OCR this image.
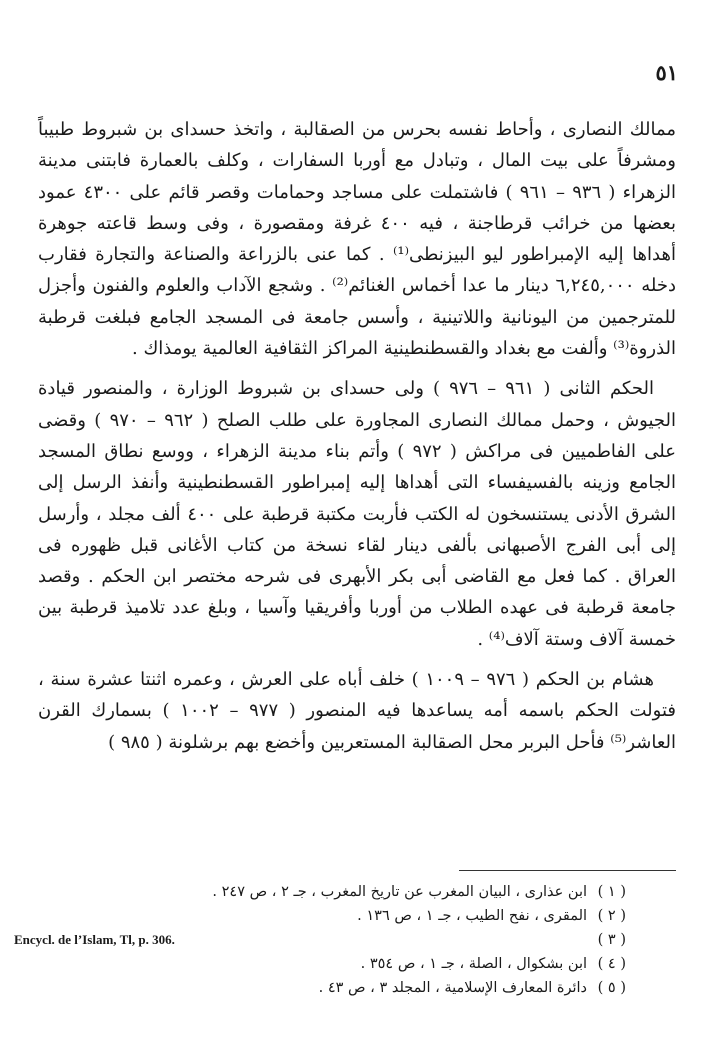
٥١

ممالك النصارى ، وأحاط نفسه بحرس من الصقالبة ، واتخذ حسداى بن شبروط طبيباً ومشرفاً على بيت المال ، وتبادل مع أوربا السفارات ، وكلف بالعمارة فابتنى مدينة الزهراء ( ٩٣٦ – ٩٦١ ) فاشتملت على مساجد وحمامات وقصر قائم على ٤٣٠٠ عمود بعضها من خرائب قرطاجنة ، فيه ٤٠٠ غرفة ومقصورة ، وفى وسط قاعته جوهرة أهداها إليه الإمبراطور ليو البيزنطى⁽¹⁾ . كما عنى بالزراعة والصناعة والتجارة فقارب دخله ٦,٢٤٥,٠٠٠ دينار ما عدا أخماس الغنائم⁽²⁾ . وشجع الآداب والعلوم والفنون وأجزل للمترجمين من اليونانية واللاتينية ، وأسس جامعة فى المسجد الجامع فبلغت قرطبة الذروة⁽³⁾ وألفت مع بغداد والقسطنطينية المراكز الثقافية العالمية يومذاك .

الحكم الثانى ( ٩٦١ – ٩٧٦ ) ولى حسداى بن شبروط الوزارة ، والمنصور قيادة الجيوش ، وحمل ممالك النصارى المجاورة على طلب الصلح ( ٩٦٢ – ٩٧٠ ) وقضى على الفاطميين فى مراكش ( ٩٧٢ ) وأتم بناء مدينة الزهراء ، ووسع نطاق المسجد الجامع وزينه بالفسيفساء التى أهداها إليه إمبراطور القسطنطينية وأنفذ الرسل إلى الشرق الأدنى يستنسخون له الكتب فأربت مكتبة قرطبة على ٤٠٠ ألف مجلد ، وأرسل إلى أبى الفرج الأصبهانى بألفى دينار لقاء نسخة من كتاب الأغانى قبل ظهوره فى العراق . كما فعل مع القاضى أبى بكر الأبهرى فى شرحه مختصر ابن الحكم . وقصد جامعة قرطبة فى عهده الطلاب من أوربا وأفريقيا وآسيا ، وبلغ عدد تلاميذ قرطبة بين خمسة آلاف وستة آلاف⁽⁴⁾ .

هشام بن الحكم ( ٩٧٦ – ١٠٠٩ ) خلف أباه على العرش ، وعمره اثنتا عشرة سنة ، فتولت الحكم باسمه أمه يساعدها فيه المنصور ( ٩٧٧ – ١٠٠٢ ) بسمارك القرن العاشر⁽⁵⁾ فأحل البربر محل الصقالبة المستعربين وأخضع بهم برشلونة ( ٩٨٥ )

( ١ ) ابن عذارى ، البيان المغرب عن تاريخ المغرب ، جـ ٢ ، ص ٢٤٧ .
( ٢ ) المقرى ، نفح الطيب ، جـ ١ ، ص ١٣٦ .
( ٣ )
Encycl. de l’Islam, Tl, p. 306.
( ٤ ) ابن بشكوال ، الصلة ، جـ ١ ، ص ٣٥٤ .
( ٥ ) دائرة المعارف الإسلامية ، المجلد ٣ ، ص ٤٣ .
